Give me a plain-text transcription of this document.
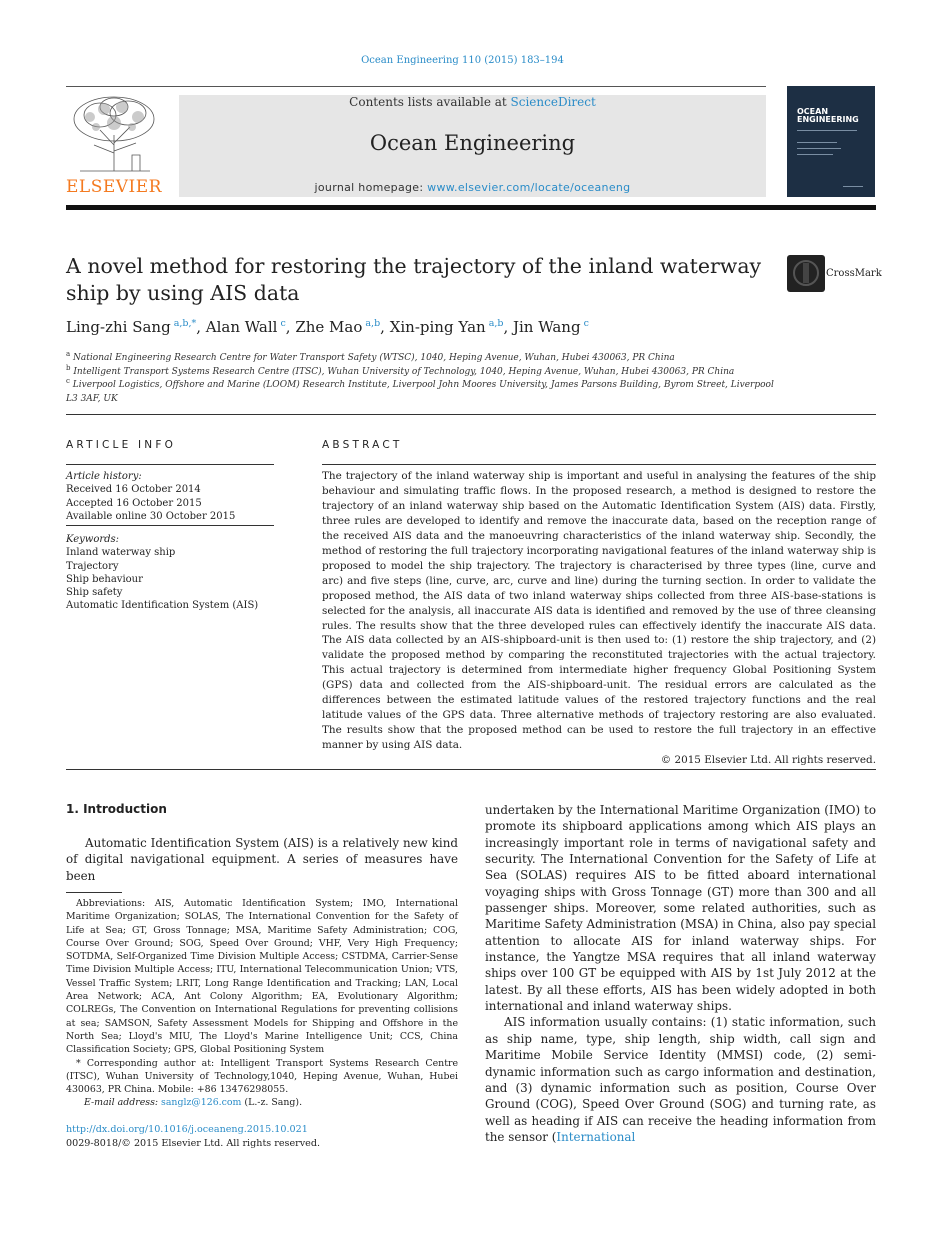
Ocean Engineering 110 (2015) 183–194
ELSEVIER
Contents lists available at ScienceDirect
Ocean Engineering
journal homepage: www.elsevier.com/locate/oceaneng
OCEAN
ENGINEERING
A novel method for restoring the trajectory of the inland waterway
ship by using AIS data
CrossMark
Ling-zhi Sang  $^{a,b,*}$, Alan Wall  $^c$, Zhe Mao  $^{a,b}$, Xin-ping Yan  $^{a,b}$, Jin Wang  $^c$
$^a$ National Engineering Research Centre for Water Transport Safety (WTSC), 1040, Heping Avenue, Wuhan, Hubei 430063, PR China
$^b$ Intelligent Transport Systems Research Centre (ITSC), Wuhan University of Technology, 1040, Heping Avenue, Wuhan, Hubei 430063, PR China
$^c$ Liverpool Logistics, Offshore and Marine (LOOM) Research Institute, Liverpool John Moores University, James Parsons Building, Byrom Street, Liverpool L3 3AF, UK
ARTICLE INFO
Article history:
Received 16 October 2014
Accepted 16 October 2015
Available online 30 October 2015
Keywords:
Inland waterway ship
Trajectory
Ship behaviour
Ship safety
Automatic Identification System (AIS)
ABSTRACT

The trajectory of the inland waterway ship is important and useful in analysing the features of the ship behaviour and simulating traffic flows. In the proposed research, a method is designed to restore the trajectory of an inland waterway ship based on the Automatic Identification System (AIS) data. Firstly, three rules are developed to identify and remove the inaccurate data, based on the reception range of the received AIS data and the manoeuvring characteristics of the inland waterway ship. Secondly, the method of restoring the full trajectory incorporating navigational features of the inland waterway ship is proposed to model the ship trajectory. The trajectory is characterised by three types (line, curve and arc) and five steps (line, curve, arc, curve and line) during the turning section. In order to validate the proposed method, the AIS data of two inland waterway ships collected from three AIS-base-stations is selected for the analysis, all inaccurate AIS data is identified and removed by the use of three cleansing rules. The results show that the three developed rules can effectively identify the inaccurate AIS data. The AIS data collected by an AIS-shipboard-unit is then used to: (1) restore the ship trajectory, and (2) validate the proposed method by comparing the reconstituted trajectories with the actual trajectory. This actual trajectory is determined from intermediate higher frequency Global Positioning System (GPS) data and collected from the AIS-shipboard-unit. The residual errors are calculated as the differences between the estimated latitude values of the restored trajectory functions and the real latitude values of the GPS data. Three alternative methods of trajectory restoring are also evaluated. The results show that the proposed method can be used to restore the full trajectory in an effective manner by using AIS data.

© 2015 Elsevier Ltd. All rights reserved.

1. Introduction
Automatic Identification System (AIS) is a relatively new kind of digital navigational equipment. A series of measures have been

undertaken by the International Maritime Organization (IMO) to promote its shipboard applications among which AIS plays an increasingly important role in terms of navigational safety and security. The International Convention for the Safety of Life at Sea (SOLAS) requires AIS to be fitted aboard international voyaging ships with Gross Tonnage (GT) more than 300 and all passenger ships. Moreover, some related authorities, such as Maritime Safety Administration (MSA) in China, also pay special attention to allocate AIS for inland waterway ships. For instance, the Yangtze MSA requires that all inland waterway ships over 100 GT be equipped with AIS by 1st July 2012 at the latest. By all these efforts, AIS has been widely adopted in both international and inland waterway ships.

AIS information usually contains: (1) static information, such as ship name, type, ship length, ship width, call sign and Maritime Mobile Service Identity (MMSI) code, (2) semi-dynamic information such as cargo information and destination, and (3) dynamic information such as position, Course Over Ground (COG), Speed Over Ground (SOG) and turning rate, as well as heading if AIS can receive the heading information from the sensor (International

Abbreviations: AIS, Automatic Identification System; IMO, International Maritime Organization; SOLAS, The International Convention for the Safety of Life at Sea; GT, Gross Tonnage; MSA, Maritime Safety Administration; COG, Course Over Ground; SOG, Speed Over Ground; VHF, Very High Frequency; SOTDMA, Self-Organized Time Division Multiple Access; CSTDMA, Carrier-Sense Time Division Multiple Access; ITU, International Telecommunication Union; VTS, Vessel Traffic System; LRIT, Long Range Identification and Tracking; LAN, Local Area Network; ACA, Ant Colony Algorithm; EA, Evolutionary Algorithm; COLREGs, The Convention on International Regulations for preventing collisions at sea; SAMSON, Safety Assessment Models for Shipping and Offshore in the North Sea; Lloyd's MIU, The Lloyd's Marine Intelligence Unit; CCS, China Classification Society; GPS, Global Positioning System

* Corresponding author at: Intelligent Transport Systems Research Centre (ITSC), Wuhan University of Technology,1040, Heping Avenue, Wuhan, Hubei 430063, PR China. Mobile: +86 13476298055.

E-mail address: sanglz@126.com (L.-z. Sang).

http://dx.doi.org/10.1016/j.oceaneng.2015.10.021
0029-8018/© 2015 Elsevier Ltd. All rights reserved.
